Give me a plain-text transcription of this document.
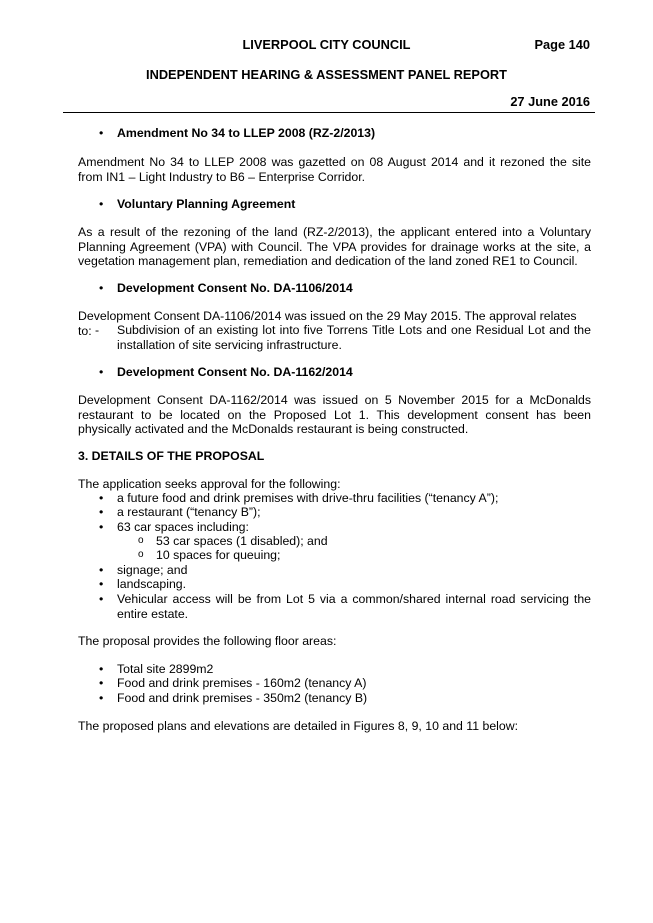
LIVERPOOL CITY COUNCIL	Page 140
INDEPENDENT HEARING & ASSESSMENT PANEL REPORT
27 June 2016
• Amendment No 34 to LLEP 2008 (RZ-2/2013)

Amendment No 34 to LLEP 2008 was gazetted on 08 August 2014 and it rezoned the site from IN1 – Light Industry to B6 – Enterprise Corridor.

• Voluntary Planning Agreement

As a result of the rezoning of the land (RZ-2/2013), the applicant entered into a Voluntary Planning Agreement (VPA) with Council. The VPA provides for drainage works at the site, a vegetation management plan, remediation and dedication of the land zoned RE1 to Council.

• Development Consent No. DA-1106/2014

Development Consent DA-1106/2014 was issued on the 29 May 2015. The approval relates to: - Subdivision of an existing lot into five Torrens Title Lots and one Residual Lot and the installation of site servicing infrastructure.

• Development Consent No. DA-1162/2014

Development Consent DA-1162/2014 was issued on 5 November 2015 for a McDonalds restaurant to be located on the Proposed Lot 1. This development consent has been physically activated and the McDonalds restaurant is being constructed.

3. DETAILS OF THE PROPOSAL

The application seeks approval for the following:

• a future food and drink premises with drive-thru facilities (“tenancy A”);

• a restaurant (“tenancy B”);

• 63 car spaces including:

o 53 car spaces (1 disabled); and

o 10 spaces for queuing;

• signage; and

• landscaping.

• Vehicular access will be from Lot 5 via a common/shared internal road servicing the entire estate.

The proposal provides the following floor areas:

• Total site 2899m2

• Food and drink premises - 160m2 (tenancy A)

• Food and drink premises - 350m2 (tenancy B)

The proposed plans and elevations are detailed in Figures 8, 9, 10 and 11 below:
